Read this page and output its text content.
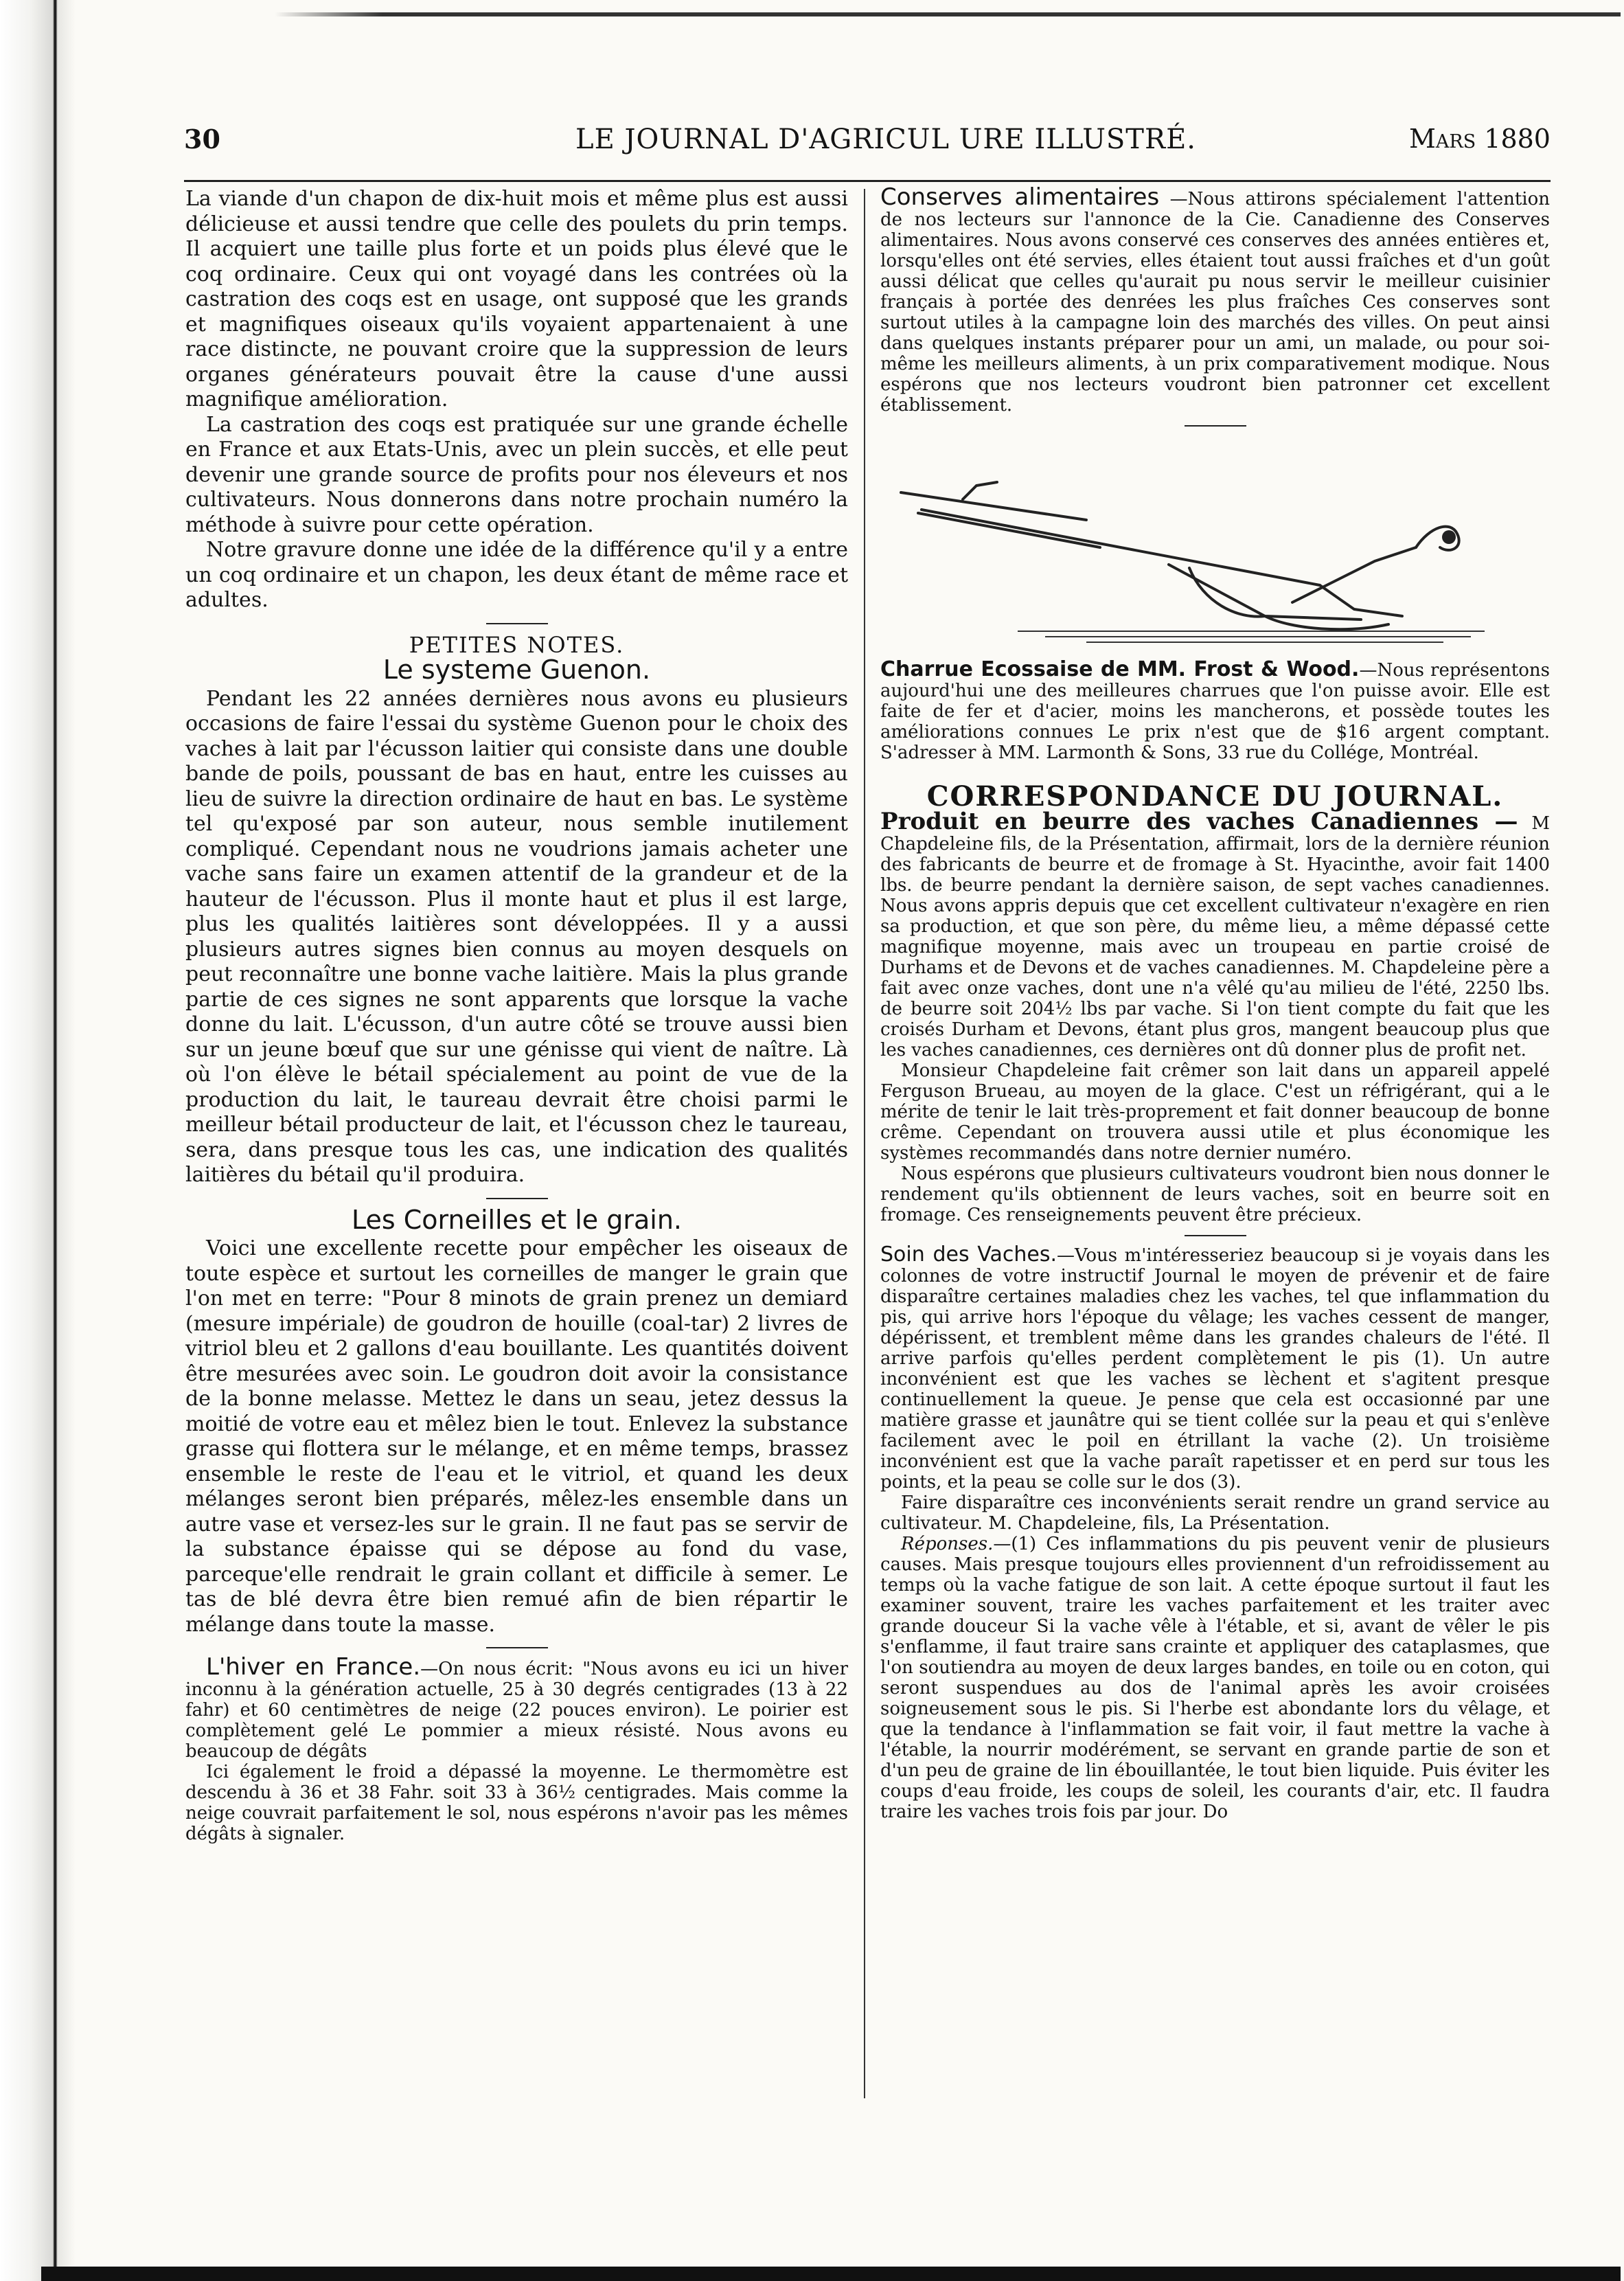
30	LE JOURNAL D'AGRICUL URE ILLUSTRÉ.	Mars 1880

La viande d'un chapon de dix-huit mois et même plus est aussi délicieuse et aussi tendre que celle des poulets du prin temps. Il acquiert une taille plus forte et un poids plus élevé que le coq ordinaire. Ceux qui ont voyagé dans les contrées où la castration des coqs est en usage, ont supposé que les grands et magnifiques oiseaux qu'ils voyaient appartenaient à une race distincte, ne pouvant croire que la suppression de leurs organes générateurs pouvait être la cause d'une aussi magnifique amélioration.

La castration des coqs est pratiquée sur une grande échelle en France et aux Etats-Unis, avec un plein succès, et elle peut devenir une grande source de profits pour nos éleveurs et nos cultivateurs. Nous donnerons dans notre prochain numéro la méthode à suivre pour cette opération.

Notre gravure donne une idée de la différence qu'il y a entre un coq ordinaire et un chapon, les deux étant de même race et adultes.

PETITES NOTES.
Le systeme Guenon.

Pendant les 22 années dernières nous avons eu plusieurs occasions de faire l'essai du système Guenon pour le choix des vaches à lait par l'écusson laitier qui consiste dans une double bande de poils, poussant de bas en haut, entre les cuisses au lieu de suivre la direction ordinaire de haut en bas. Le système tel qu'exposé par son auteur, nous semble inutilement compliqué. Cependant nous ne voudrions jamais acheter une vache sans faire un examen attentif de la grandeur et de la hauteur de l'écusson. Plus il monte haut et plus il est large, plus les qualités laitières sont développées. Il y a aussi plusieurs autres signes bien connus au moyen desquels on peut reconnaître une bonne vache laitière. Mais la plus grande partie de ces signes ne sont apparents que lorsque la vache donne du lait. L'écusson, d'un autre côté se trouve aussi bien sur un jeune bœuf que sur une génisse qui vient de naître. Là où l'on élève le bétail spécialement au point de vue de la production du lait, le taureau devrait être choisi parmi le meilleur bétail producteur de lait, et l'écusson chez le taureau, sera, dans presque tous les cas, une indication des qualités laitières du bétail qu'il produira.

Les Corneilles et le grain.

Voici une excellente recette pour empêcher les oiseaux de toute espèce et surtout les corneilles de manger le grain que l'on met en terre: "Pour 8 minots de grain prenez un demiard (mesure impériale) de goudron de houille (coal-tar) 2 livres de vitriol bleu et 2 gallons d'eau bouillante. Les quantités doivent être mesurées avec soin. Le goudron doit avoir la consistance de la bonne melasse. Mettez le dans un seau, jetez dessus la moitié de votre eau et mêlez bien le tout. Enlevez la substance grasse qui flottera sur le mélange, et en même temps, brassez ensemble le reste de l'eau et le vitriol, et quand les deux mélanges seront bien préparés, mêlez-les ensemble dans un autre vase et versez-les sur le grain. Il ne faut pas se servir de la substance épaisse qui se dépose au fond du vase, parceque'elle rendrait le grain collant et difficile à semer. Le tas de blé devra être bien remué afin de bien répartir le mélange dans toute la masse.

L'hiver en France.—On nous écrit: "Nous avons eu ici un hiver inconnu à la génération actuelle, 25 à 30 degrés centigrades (13 à 22 fahr) et 60 centimètres de neige (22 pouces environ). Le poirier est complètement gelé Le pommier a mieux résisté. Nous avons eu beaucoup de dégâts

Ici également le froid a dépassé la moyenne. Le thermomètre est descendu à 36 et 38 Fahr. soit 33 à 36½ centigrades. Mais comme la neige couvrait parfaitement le sol, nous espérons n'avoir pas les mêmes dégâts à signaler.

Conserves alimentaires —Nous attirons spécialement l'attention de nos lecteurs sur l'annonce de la Cie. Canadienne des Conserves alimentaires. Nous avons conservé ces conserves des années entières et, lorsqu'elles ont été servies, elles étaient tout aussi fraîches et d'un goût aussi délicat que celles qu'aurait pu nous servir le meilleur cuisinier français à portée des denrées les plus fraîches Ces conserves sont surtout utiles à la campagne loin des marchés des villes. On peut ainsi dans quelques instants préparer pour un ami, un malade, ou pour soi-même les meilleurs aliments, à un prix comparativement modique. Nous espérons que nos lecteurs voudront bien patronner cet excellent établissement.

Charrue Ecossaise de MM. Frost & Wood.—Nous représentons aujourd'hui une des meilleures charrues que l'on puisse avoir. Elle est faite de fer et d'acier, moins les mancherons, et possède toutes les améliorations connues Le prix n'est que de $16 argent comptant. S'adresser à MM. Larmonth & Sons, 33 rue du Collége, Montréal.

CORRESPONDANCE DU JOURNAL.

Produit en beurre des vaches Canadiennes — M Chapdeleine fils, de la Présentation, affirmait, lors de la dernière réunion des fabricants de beurre et de fromage à St. Hyacinthe, avoir fait 1400 lbs. de beurre pendant la dernière saison, de sept vaches canadiennes. Nous avons appris depuis que cet excellent cultivateur n'exagère en rien sa production, et que son père, du même lieu, a même dépassé cette magnifique moyenne, mais avec un troupeau en partie croisé de Durhams et de Devons et de vaches canadiennes. M. Chapdeleine père a fait avec onze vaches, dont une n'a vêlé qu'au milieu de l'été, 2250 lbs. de beurre soit 204½ lbs par vache. Si l'on tient compte du fait que les croisés Durham et Devons, étant plus gros, mangent beaucoup plus que les vaches canadiennes, ces dernières ont dû donner plus de profit net.

Monsieur Chapdeleine fait crêmer son lait dans un appareil appelé Ferguson Brueau, au moyen de la glace. C'est un réfrigérant, qui a le mérite de tenir le lait très-proprement et fait donner beaucoup de bonne crême. Cependant on trouvera aussi utile et plus économique les systèmes recommandés dans notre dernier numéro.

Nous espérons que plusieurs cultivateurs voudront bien nous donner le rendement qu'ils obtiennent de leurs vaches, soit en beurre soit en fromage. Ces renseignements peuvent être précieux.

Soin des Vaches.—Vous m'intéresseriez beaucoup si je voyais dans les colonnes de votre instructif Journal le moyen de prévenir et de faire disparaître certaines maladies chez les vaches, tel que inflammation du pis, qui arrive hors l'époque du vêlage; les vaches cessent de manger, dépérissent, et tremblent même dans les grandes chaleurs de l'été. Il arrive parfois qu'elles perdent complètement le pis (1). Un autre inconvénient est que les vaches se lèchent et s'agitent presque continuellement la queue. Je pense que cela est occasionné par une matière grasse et jaunâtre qui se tient collée sur la peau et qui s'enlève facilement avec le poil en étrillant la vache (2). Un troisième inconvénient est que la vache paraît rapetisser et en perd sur tous les points, et la peau se colle sur le dos (3).

Faire disparaître ces inconvénients serait rendre un grand service au cultivateur. M. Chapdeleine, fils, La Présentation.

Réponses.—(1) Ces inflammations du pis peuvent venir de plusieurs causes. Mais presque toujours elles proviennent d'un refroidissement au temps où la vache fatigue de son lait. A cette époque surtout il faut les examiner souvent, traire les vaches parfaitement et les traiter avec grande douceur Si la vache vêle à l'étable, et si, avant de vêler le pis s'enflamme, il faut traire sans crainte et appliquer des cataplasmes, que l'on soutiendra au moyen de deux larges bandes, en toile ou en coton, qui seront suspendues au dos de l'animal après les avoir croisées soigneusement sous le pis. Si l'herbe est abondante lors du vêlage, et que la tendance à l'inflammation se fait voir, il faut mettre la vache à l'étable, la nourrir modérément, se servant en grande partie de son et d'un peu de graine de lin ébouillantée, le tout bien liquide. Puis éviter les coups d'eau froide, les coups de soleil, les courants d'air, etc. Il faudra traire les vaches trois fois par jour. Do
